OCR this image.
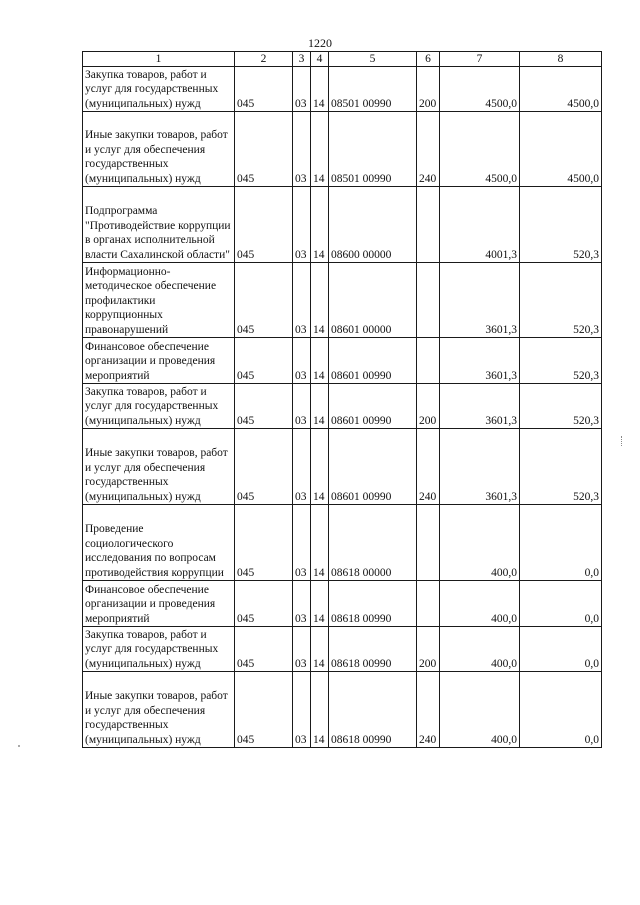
1220
1	2	3	4	5	6	7	8
Закупка товаров, работ и услуг для государственных (муниципальных) нужд	045	03	14	08501 00990	200	4500,0	4500,0
Иные закупки товаров, работ и услуг для обеспечения государственных (муниципальных) нужд	045	03	14	08501 00990	240	4500,0	4500,0
Подпрограмма "Противодействие коррупции в органах исполнительной власти Сахалинской области"	045	03	14	08600 00000		4001,3	520,3
Информационно-методическое обеспечение профилактики коррупционных правонарушений	045	03	14	08601 00000		3601,3	520,3
Финансовое обеспечение организации и проведения мероприятий	045	03	14	08601 00990		3601,3	520,3
Закупка товаров, работ и услуг для государственных (муниципальных) нужд	045	03	14	08601 00990	200	3601,3	520,3
Иные закупки товаров, работ и услуг для обеспечения государственных (муниципальных) нужд	045	03	14	08601 00990	240	3601,3	520,3
Проведение социологического исследования по вопросам противодействия коррупции	045	03	14	08618 00000		400,0	0,0
Финансовое обеспечение организации и проведения мероприятий	045	03	14	08618 00990		400,0	0,0
Закупка товаров, работ и услуг для государственных (муниципальных) нужд	045	03	14	08618 00990	200	400,0	0,0
Иные закупки товаров, работ и услуг для обеспечения государственных (муниципальных) нужд	045	03	14	08618 00990	240	400,0	0,0
